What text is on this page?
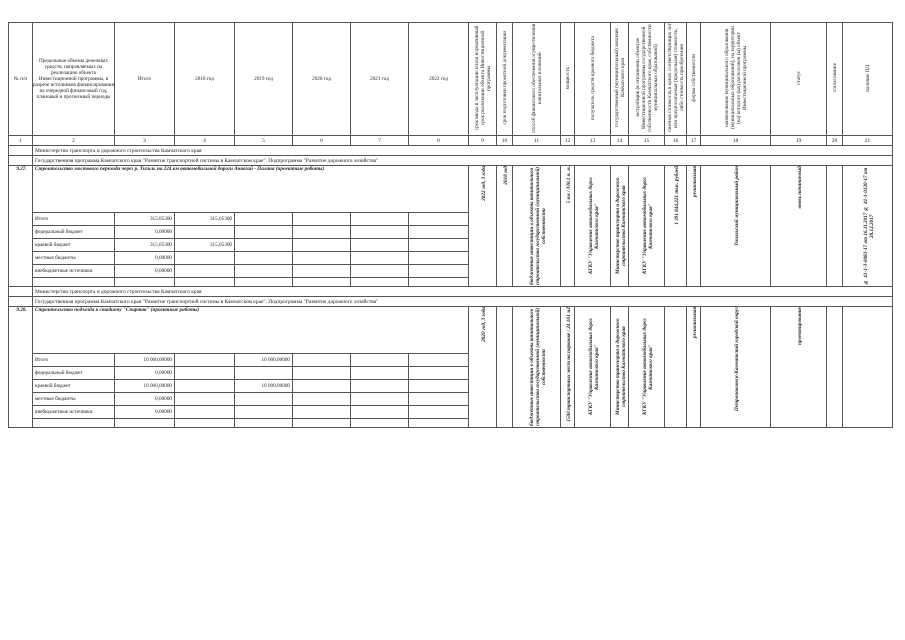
№ п/п	Предельные объемы денежных средств, направляемых на реализацию объекта Инвестиционной программы, в разрезе источников финансирования на очередной финансовый год, плановый и прогнозный периоды	Итого	2018 год	2019 год	2020 год	2021 год	2022 год	срок ввода в эксплуатацию и/или нормативный срок реализации объекта Инвестиционной программы	срок подготовки проектной документации	способ финансового обеспечения осуществления капитальных вложений	мощность	получатель средств краевого бюджета	государственный (муниципальный) заказчик Камчатского края	застройщик (в отношении объектов Инвестиционной программы государственной собственности Камчатского края, собственности муниципальных образований)	сметная стоимость в ценах соответствующих лет или предполагаемая (предельная) стоимость, либо стоимость приобретения	форма собственности	наименование муниципального образования (муниципальных образований), на территории (на) которого (ых) расположен (ы) объект Инвестиционной программы	статус	согласование	наличие ПД
1	2	3	4	5	6	7	8	9	10	11	12	13	14	15	16	17	18	19	20	21
	Министерство транспорта и дорожного строительства Камчатского края																			
	Государственная программа Камчатского края "Развитие транспортной системы в Камчатском крае". Подпрограмма "Развитие дорожного хозяйства"																			
9.27.	Строительство мостового перехода через р. Тигиль на 224 км автомобильной дороги Анавгай - Палана (проектные работы)							2022 год, 3 года	2018 год	бюджетные инвестиции в объекты капитального строительства государственной (муниципальной) собственности	5 км / 330,1 п. м.	КГКУ "Управление автомобильных дорог Камчатского края"	Министерство транспорта и дорожного строительства Камчатского края	КГКУ "Управление автомобильных дорог Камчатского края"	1 391 844,221 тыс. рублей	региональная	Тигильский муниципальный район	вновь начинаемый		№ 41-1-3-0083-17 от 16.11.2017 № 41-1-0120-17 от 28.12.2017
	Итого	315,05300	315,05300																	
	федеральный бюджет	0,00000																		
	краевой бюджет	315,05300	315,05300																	
	местные бюджеты	0,00000																		
	внебюджетные источники	0,00000																		

	Министерство транспорта и дорожного строительства Камчатского края																			
	Государственная программа Камчатского края "Развитие транспортной системы в Камчатском крае". Подпрограмма "Развитие дорожного хозяйства"																			
9.28.	Строительство подъезда к стадиону "Спартак" (проектные работы)							2020 год, 3 года		бюджетные инвестиции в объекты капитального строительства государственной (муниципальной) собственности	1500 транспортных мест на парковке / 24 161 м2	КГКУ "Управление автомобильных дорог Камчатского края"	Министерство транспорта и дорожного строительства Камчатского края	КГКУ "Управление автомобильных дорог Камчатского края"		региональная	Петропавловск-Камчатский городской округ	проектирование		
	Итого	10 000,00000		10 000,00000																
	федеральный бюджет	0,00000																		
	краевой бюджет	10 000,00000		10 000,00000																
	местные бюджеты	0,00000																		
	внебюджетные источники	0,00000																		
